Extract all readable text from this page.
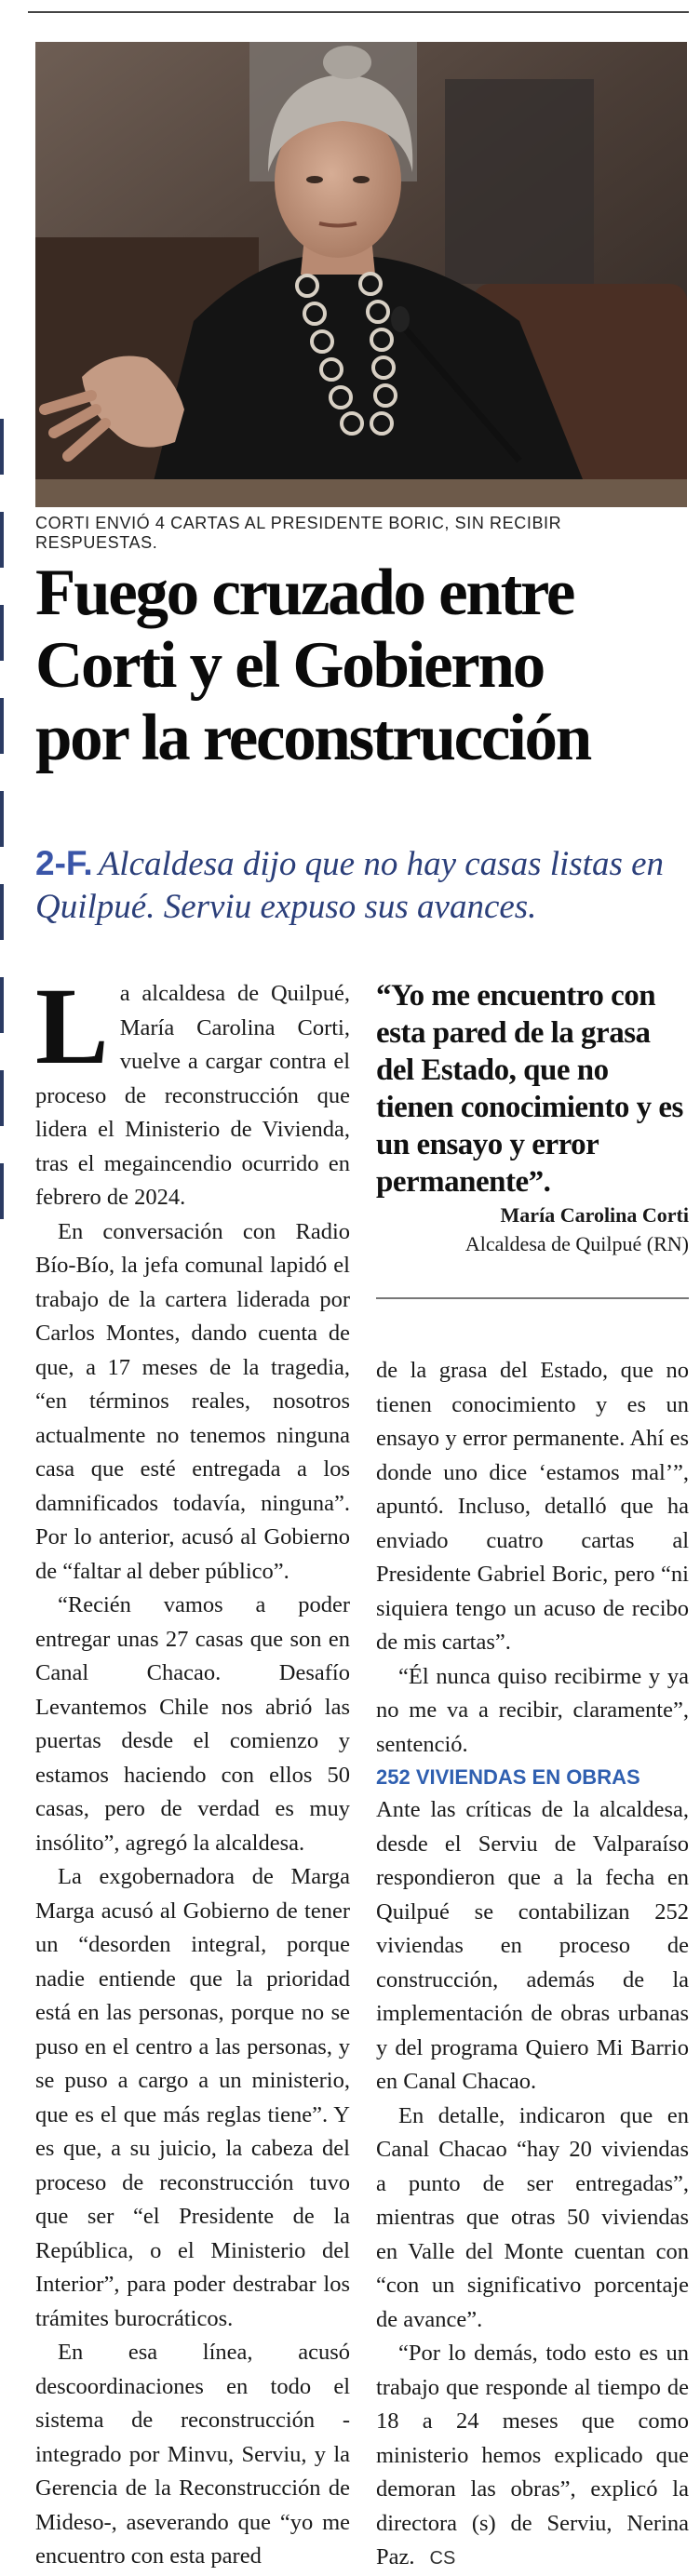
CORTI ENVIÓ 4 CARTAS AL PRESIDENTE BORIC, SIN RECIBIR RESPUESTAS.
Fuego cruzado entre
Corti y el Gobierno
por la reconstrucción
2-F. Alcaldesa dijo que no hay casas listas en Quilpué. Serviu expuso sus avances.

La alcaldesa de Quilpué, María Carolina Corti, vuelve a cargar contra el proceso de reconstrucción que lidera el Ministerio de Vivienda, tras el megaincendio ocurrido en febrero de 2024.

En conversación con Radio Bío-Bío, la jefa comunal lapidó el trabajo de la cartera liderada por Carlos Montes, dando cuenta de que, a 17 meses de la tragedia, “en términos reales, nosotros actualmente no tenemos ninguna casa que esté entregada a los damnificados todavía, ninguna”. Por lo anterior, acusó al Gobierno de “faltar al deber público”.

“Recién vamos a poder entregar unas 27 casas que son en Canal Chacao. Desafío Levantemos Chile nos abrió las puertas desde el comienzo y estamos haciendo con ellos 50 casas, pero de verdad es muy insólito”, agregó la alcaldesa.

La exgobernadora de Marga Marga acusó al Gobierno de tener un “desorden integral, porque nadie entiende que la prioridad está en las personas, porque no se puso en el centro a las personas, y se puso a cargo a un ministerio, que es el que más reglas tiene”. Y es que, a su juicio, la cabeza del proceso de reconstrucción tuvo que ser “el Presidente de la República, o el Ministerio del Interior”, para poder destrabar los trámites burocráticos.

En esa línea, acusó descoordinaciones en todo el sistema de reconstrucción -integrado por Minvu, Serviu, y la Gerencia de la Reconstrucción de Mideso-, aseverando que “yo me encuentro con esta pared

“Yo me encuentro con esta pared de la grasa del Estado, que no tienen conocimiento y es un ensayo y error permanente”.

María Carolina Corti

Alcaldesa de Quilpué (RN)

de la grasa del Estado, que no tienen conocimiento y es un ensayo y error permanente. Ahí es donde uno dice ‘estamos mal’”, apuntó. Incluso, detalló que ha enviado cuatro cartas al Presidente Gabriel Boric, pero “ni siquiera tengo un acuso de recibo de mis cartas”.

“Él nunca quiso recibirme y ya no me va a recibir, claramente”, sentenció.

252 VIVIENDAS EN OBRAS

Ante las críticas de la alcaldesa, desde el Serviu de Valparaíso respondieron que a la fecha en Quilpué se contabilizan 252 viviendas en proceso de construcción, además de la implementación de obras urbanas y del programa Quiero Mi Barrio en Canal Chacao.

En detalle, indicaron que en Canal Chacao “hay 20 viviendas a punto de ser entregadas”, mientras que otras 50 viviendas en Valle del Monte cuentan con “con un significativo porcentaje de avance”.

“Por lo demás, todo esto es un trabajo que responde al tiempo de 18 a 24 meses que como ministerio hemos explicado que demoran las obras”, explicó la directora (s) de Serviu, Nerina Paz. CS
